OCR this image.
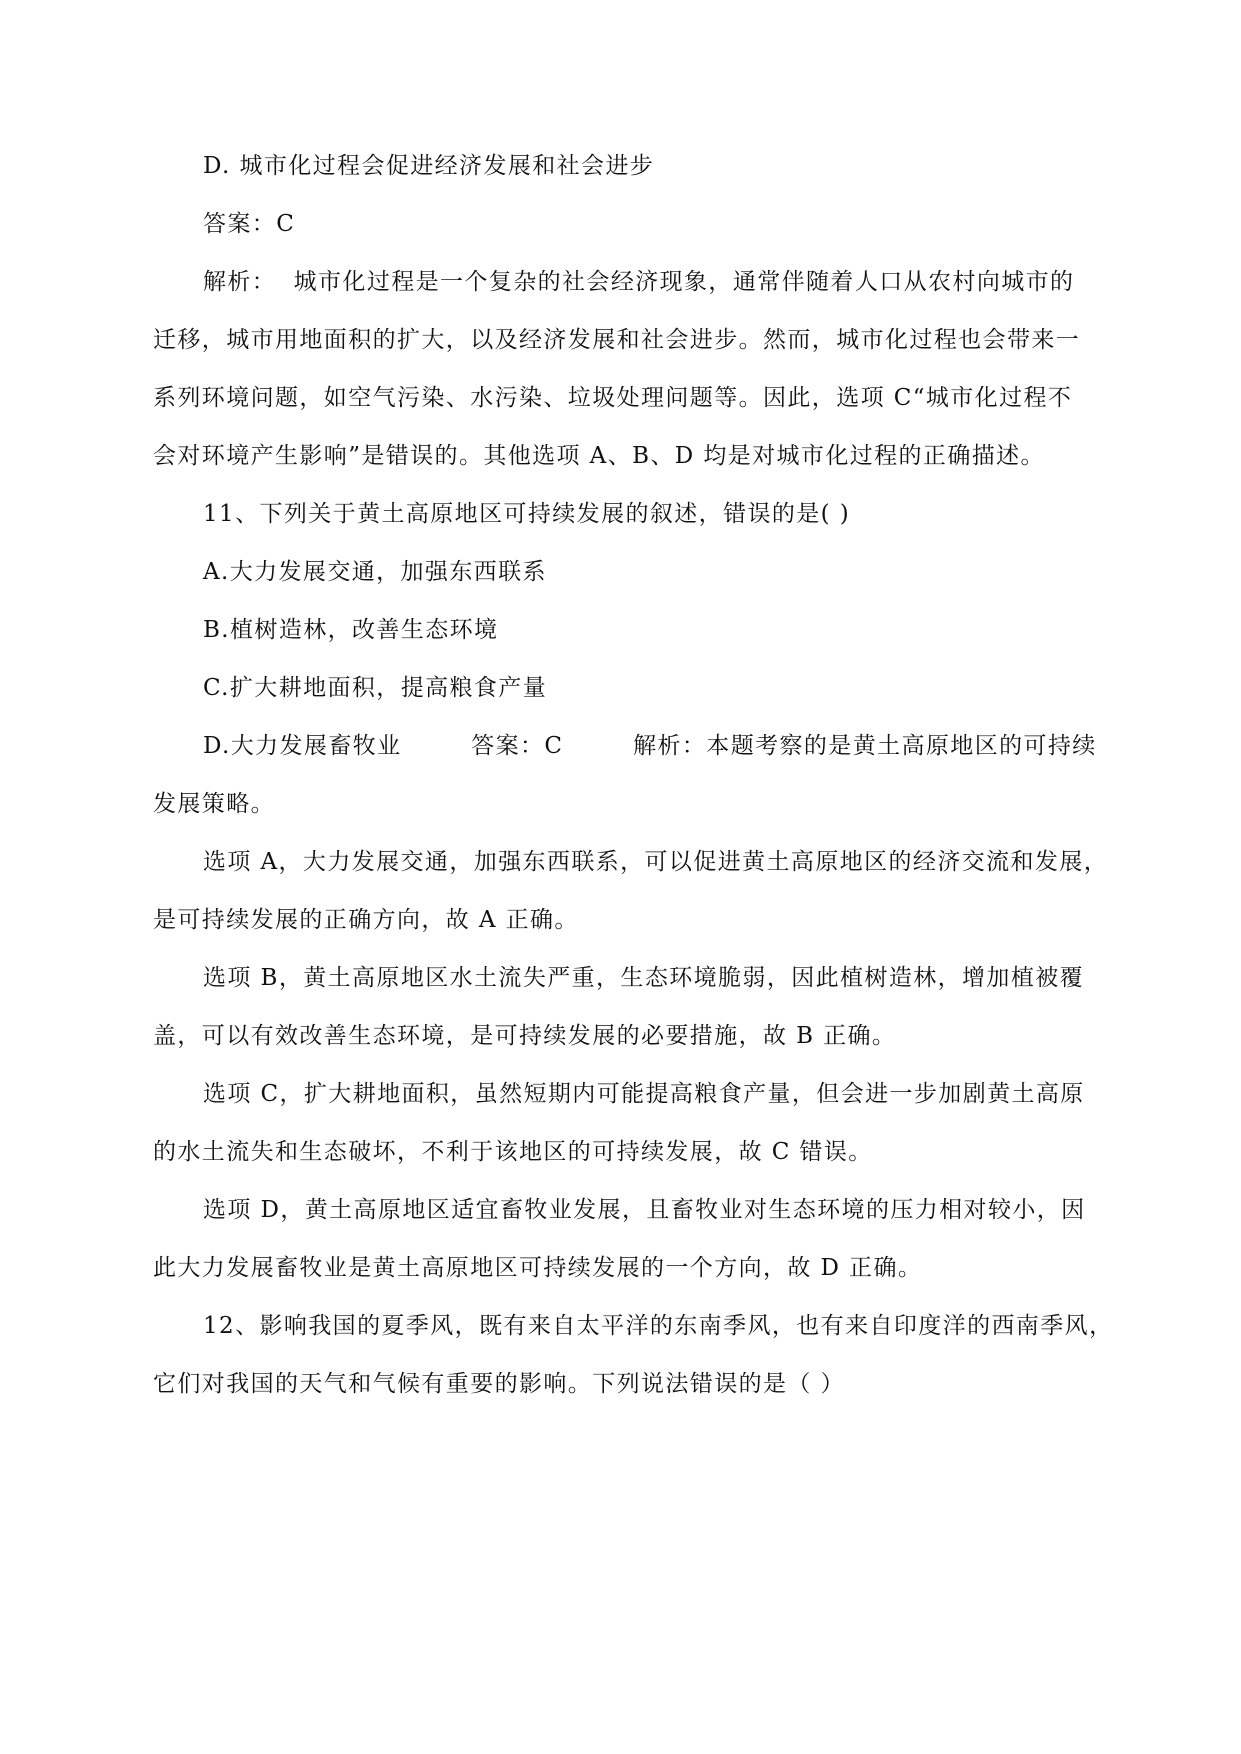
D. 城市化过程会促进经济发展和社会进步
答案：C
解析：  城市化过程是一个复杂的社会经济现象，通常伴随着人口从农村向城市的
迁移，城市用地面积的扩大，以及经济发展和社会进步。然而，城市化过程也会带来一
系列环境问题，如空气污染、水污染、垃圾处理问题等。因此，选项 C“城市化过程不
会对环境产生影响”是错误的。其他选项 A、B、D 均是对城市化过程的正确描述。
11、下列关于黄土高原地区可持续发展的叙述，错误的是( )
A.大力发展交通，加强东西联系
B.植树造林，改善生态环境
C.扩大耕地面积，提高粮食产量
D.大力发展畜牧业        答案：C        解析：本题考察的是黄土高原地区的可持续
发展策略。
选项 A，大力发展交通，加强东西联系，可以促进黄土高原地区的经济交流和发展，
是可持续发展的正确方向，故 A 正确。
选项 B，黄土高原地区水土流失严重，生态环境脆弱，因此植树造林，增加植被覆
盖，可以有效改善生态环境，是可持续发展的必要措施，故 B 正确。
选项 C，扩大耕地面积，虽然短期内可能提高粮食产量，但会进一步加剧黄土高原
的水土流失和生态破坏，不利于该地区的可持续发展，故 C 错误。
选项 D，黄土高原地区适宜畜牧业发展，且畜牧业对生态环境的压力相对较小，因
此大力发展畜牧业是黄土高原地区可持续发展的一个方向，故 D 正确。
12、影响我国的夏季风，既有来自太平洋的东南季风，也有来自印度洋的西南季风，
它们对我国的天气和气候有重要的影响。下列说法错误的是（ ）
